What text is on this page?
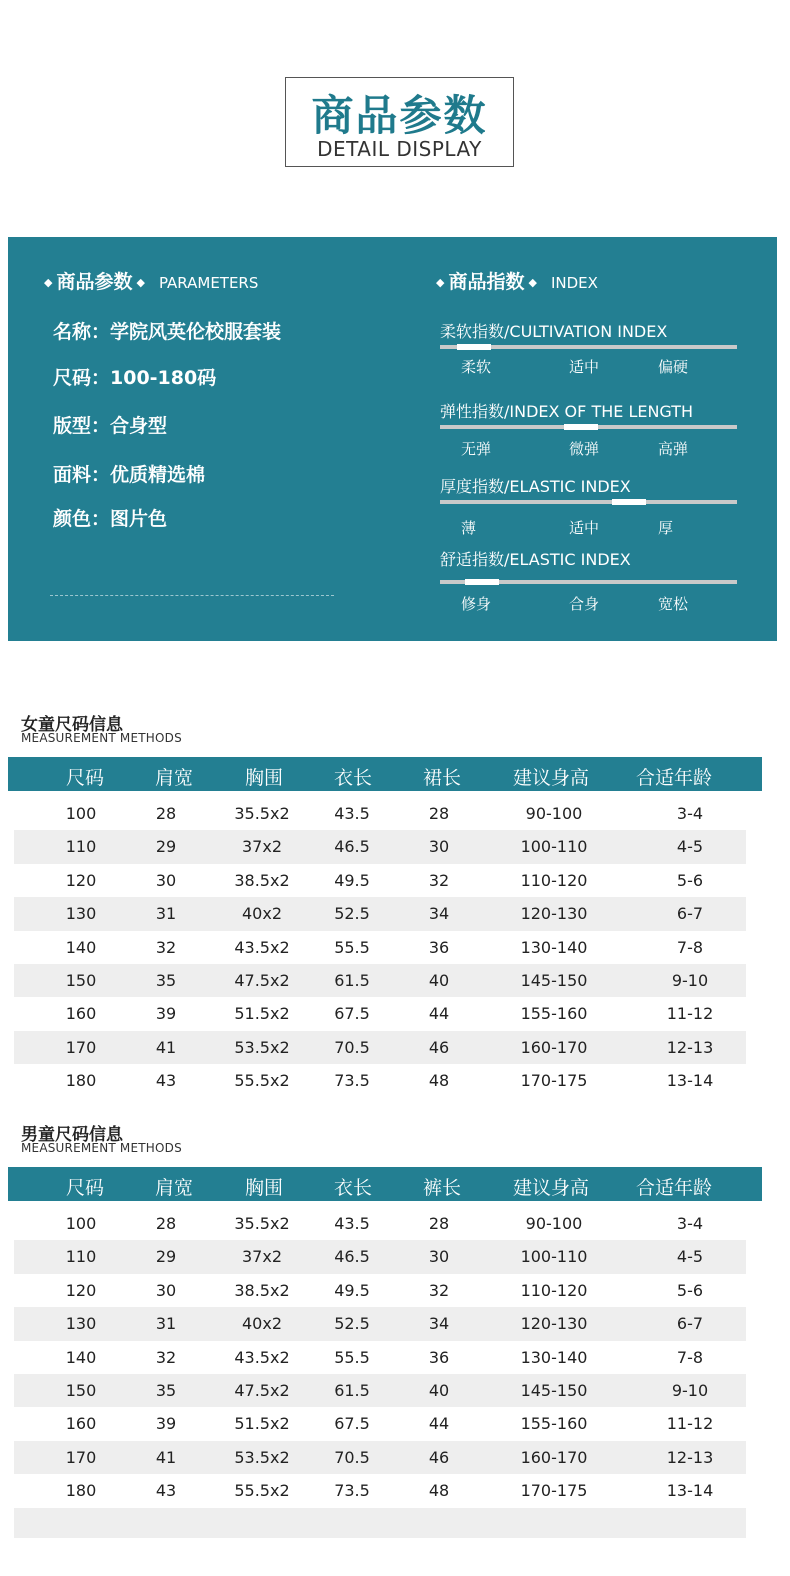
商品参数
DETAIL DISPLAY
◆ 商品参数 ◆ PARAMETERS
名称：学院风英伦校服套装
尺码：100-180码
版型：合身型
面料：优质精选棉
颜色：图片色
◆ 商品指数 ◆ INDEX
柔软指数/CULTIVATION INDEX
柔软	适中	偏硬
弹性指数/INDEX OF THE LENGTH
无弹	微弹	高弹
厚度指数/ELASTIC INDEX
薄	适中	厚
舒适指数/ELASTIC INDEX
修身	合身	宽松
女童尺码信息
MEASUREMENT METHODS
尺码	肩宽	胸围	衣长	裙长	建议身高 合适年龄
100	28	35.5x2	43.5	28	90-100	3-4
110	29	37x2	46.5	30	100-110	4-5
120	30	38.5x2	49.5	32	110-120	5-6
130	31	40x2	52.5	34	120-130	6-7
140	32	43.5x2	55.5	36	130-140	7-8
150	35	47.5x2	61.5	40	145-150	9-10
160	39	51.5x2	67.5	44	155-160	11-12
170	41	53.5x2	70.5	46	160-170	12-13
180	43	55.5x2	73.5	48	170-175	13-14
男童尺码信息
MEASUREMENT METHODS
尺码	肩宽	胸围	衣长	裤长	建议身高 合适年龄
100	28	35.5x2	43.5	28	90-100	3-4
110	29	37x2	46.5	30	100-110	4-5
120	30	38.5x2	49.5	32	110-120	5-6
130	31	40x2	52.5	34	120-130	6-7
140	32	43.5x2	55.5	36	130-140	7-8
150	35	47.5x2	61.5	40	145-150	9-10
160	39	51.5x2	67.5	44	155-160	11-12
170	41	53.5x2	70.5	46	160-170	12-13
180	43	55.5x2	73.5	48	170-175	13-14
